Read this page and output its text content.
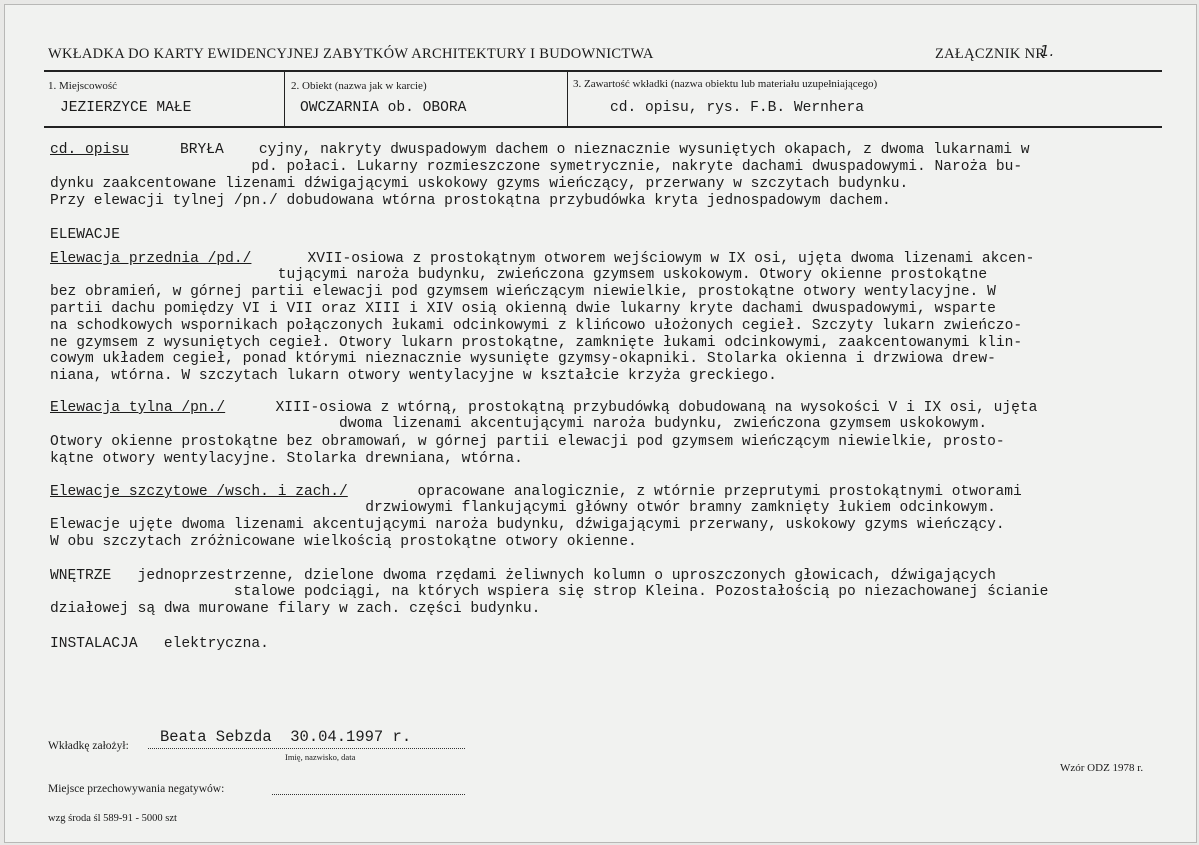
WKŁADKA DO KARTY EWIDENCYJNEJ ZABYTKÓW ARCHITEKTURY I BUDOWNICTWA	ZAŁĄCZNIK NR
1.
1. Miejscowość	2. Obiekt (nazwa jak w karcie)	3. Zawartość wkładki (nazwa obiektu lub materiału uzupełniającego)
JEZIERZYCE MAŁE	OWCZARNIA ob. OBORA	cd. opisu, rys. F.B. Wernhera
cd. opisu	BRYŁA    cyjny, nakryty dwuspadowym dachem o nieznacznie wysuniętych okapach, z dwoma lukarnami w
pd. połaci. Lukarny rozmieszczone symetrycznie, nakryte dachami dwuspadowymi. Naroża bu-
dynku zaakcentowane lizenami dźwigającymi uskokowy gzyms wieńczący, przerwany w szczytach budynku.
Przy elewacji tylnej /pn./ dobudowana wtórna prostokątna przybudówka kryta jednospadowym dachem.
ELEWACJE
Elewacja przednia /pd./	XVII-osiowa z prostokątnym otworem wejściowym w IX osi, ujęta dwoma lizenami akcen-
tującymi naroża budynku, zwieńczona gzymsem uskokowym. Otwory okienne prostokątne
bez obramień, w górnej partii elewacji pod gzymsem wieńczącym niewielkie, prostokątne otwory wentylacyjne. W
partii dachu pomiędzy VI i VII oraz XIII i XIV osią okienną dwie lukarny kryte dachami dwuspadowymi, wsparte
na schodkowych wspornikach połączonych łukami odcinkowymi z klińcowo ułożonych cegieł. Szczyty lukarn zwieńczo-
ne gzymsem z wysuniętych cegieł. Otwory lukarn prostokątne, zamknięte łukami odcinkowymi, zaakcentowanymi klin-
cowym układem cegieł, ponad którymi nieznacznie wysunięte gzymsy-okapniki. Stolarka okienna i drzwiowa drew-
niana, wtórna. W szczytach lukarn otwory wentylacyjne w kształcie krzyża greckiego.
Elewacja tylna /pn./ XIII-osiowa z wtórną, prostokątną przybudówką dobudowaną na wysokości V i IX osi, ujęta
dwoma lizenami akcentującymi naroża budynku, zwieńczona gzymsem uskokowym.
Otwory okienne prostokątne bez obramowań, w górnej partii elewacji pod gzymsem wieńczącym niewielkie, prosto-
kątne otwory wentylacyjne. Stolarka drewniana, wtórna.
Elewacje szczytowe /wsch. i zach./	opracowane analogicznie, z wtórnie przeprutymi prostokątnymi otworami
drzwiowymi flankującymi główny otwór bramny zamknięty łukiem odcinkowym.
Elewacje ujęte dwoma lizenami akcentującymi naroża budynku, dźwigającymi przerwany, uskokowy gzyms wieńczący.
W obu szczytach zróżnicowane wielkością prostokątne otwory okienne.
WNĘTRZE   jednoprzestrzenne, dzielone dwoma rzędami żeliwnych kolumn o uproszczonych głowicach, dźwigających
stalowe podciągi, na których wspiera się strop Kleina. Pozostałością po niezachowanej ścianie
działowej są dwa murowane filary w zach. części budynku.
INSTALACJA   elektryczna.
Wkładkę założył: Beata Sebzda  30.04.1997 r.
Imię, nazwisko, data
Wzór ODZ 1978 r.
Miejsce przechowywania negatywów:
wzg środa śl 589-91 - 5000 szt
